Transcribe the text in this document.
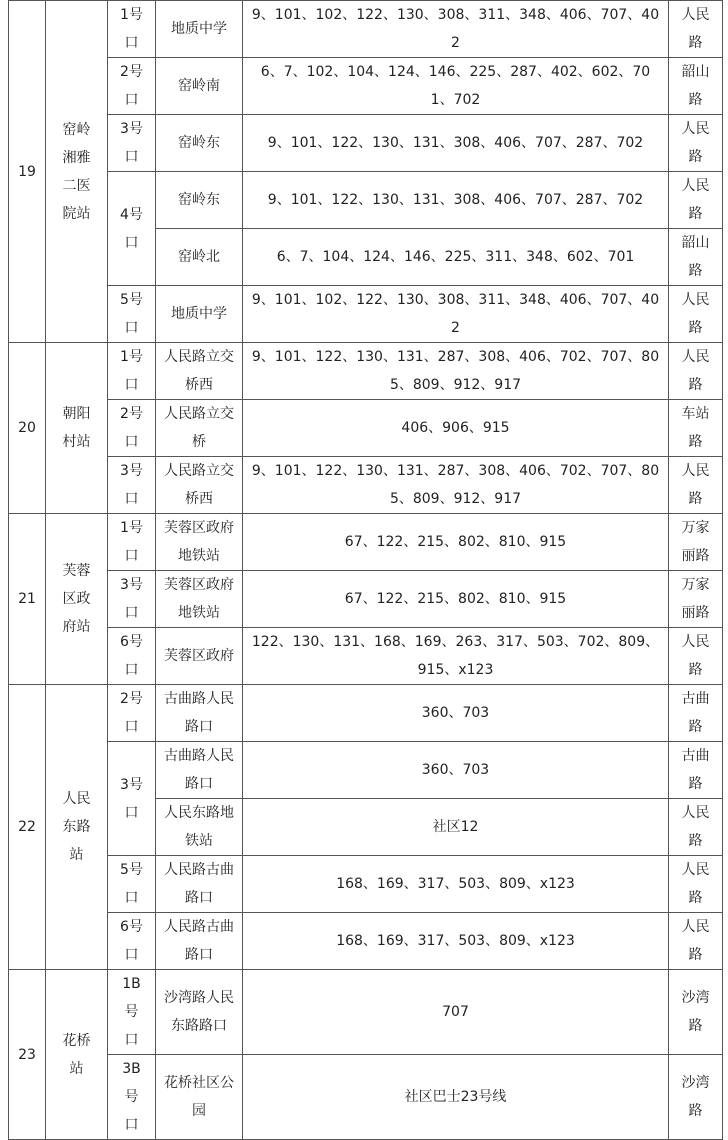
19	窑岭湘雅二医院站	1号口	地质中学	9、101、102、122、130、308、311、348、406、707、402	人民路
		2号口	窑岭南	6、7、102、104、124、146、225、287、402、602、701、702	韶山路
		3号口	窑岭东	9、101、122、130、131、308、406、707、287、702	人民路
		4号口	窑岭东	9、101、122、130、131、308、406、707、287、702	人民路
			窑岭北	6、7、104、124、146、225、311、348、602、701	韶山路
		5号口	地质中学	9、101、102、122、130、308、311、348、406、707、402	人民路
20	朝阳村站	1号口	人民路立交桥西	9、101、122、130、131、287、308、406、702、707、805、809、912、917	人民路
		2号口	人民路立交桥	406、906、915	车站路
		3号口	人民路立交桥西	9、101、122、130、131、287、308、406、702、707、805、809、912、917	人民路
21	芙蓉区政府站	1号口	芙蓉区政府地铁站	67、122、215、802、810、915	万家丽路
		3号口	芙蓉区政府地铁站	67、122、215、802、810、915	万家丽路
		6号口	芙蓉区政府	122、130、131、168、169、263、317、503、702、809、915、x123	人民路
22	人民东路站	2号口	古曲路人民路口	360、703	古曲路
		3号口	古曲路人民路口	360、703	古曲路
			人民东路地铁站	社区12	人民路
		5号口	人民路古曲路口	168、169、317、503、809、x123	人民路
		6号口	人民路古曲路口	168、169、317、503、809、x123	人民路
23	花桥站	1B号口	沙湾路人民东路路口	707	沙湾路
		3B号口	花桥社区公园	社区巴士23号线	沙湾路
